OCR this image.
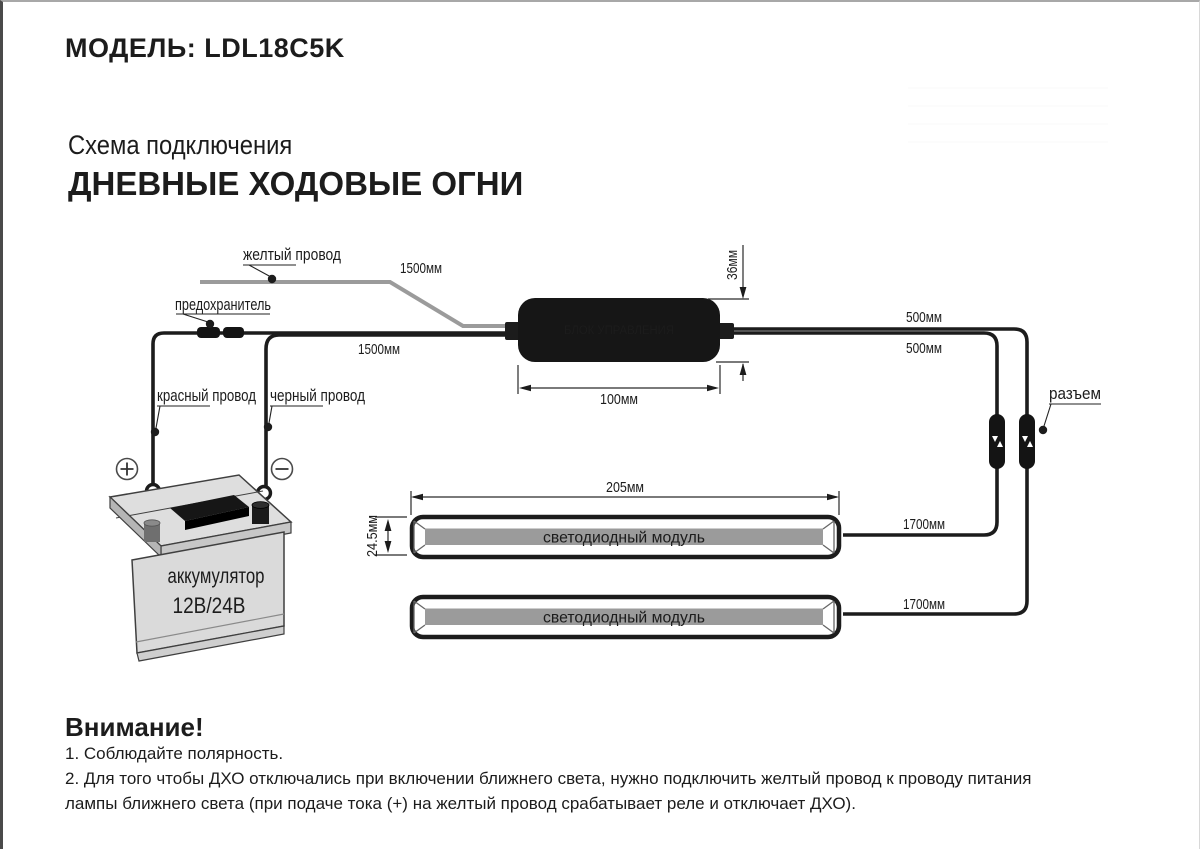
МОДЕЛЬ: LDL18C5K
Схема подключения
ДНЕВНЫЕ ХОДОВЫЕ ОГНИ
аккумулятор
12В/24В
БЛОК УПРАВЛЕНИЯ
светодиодный модуль
светодиодный модуль
36мм
100мм
205мм
24.5мм
1500мм
1500мм
500мм
500мм
1700мм
1700мм
желтый провод
предохранитель
красный провод черный провод	разъем
Внимание!
1. Соблюдайте полярность.
2. Для того чтобы ДХО отключались при включении ближнего света, нужно подключить желтый провод к проводу питания
лампы ближнего света (при подаче тока (+) на желтый провод срабатывает реле и отключает ДХО).
